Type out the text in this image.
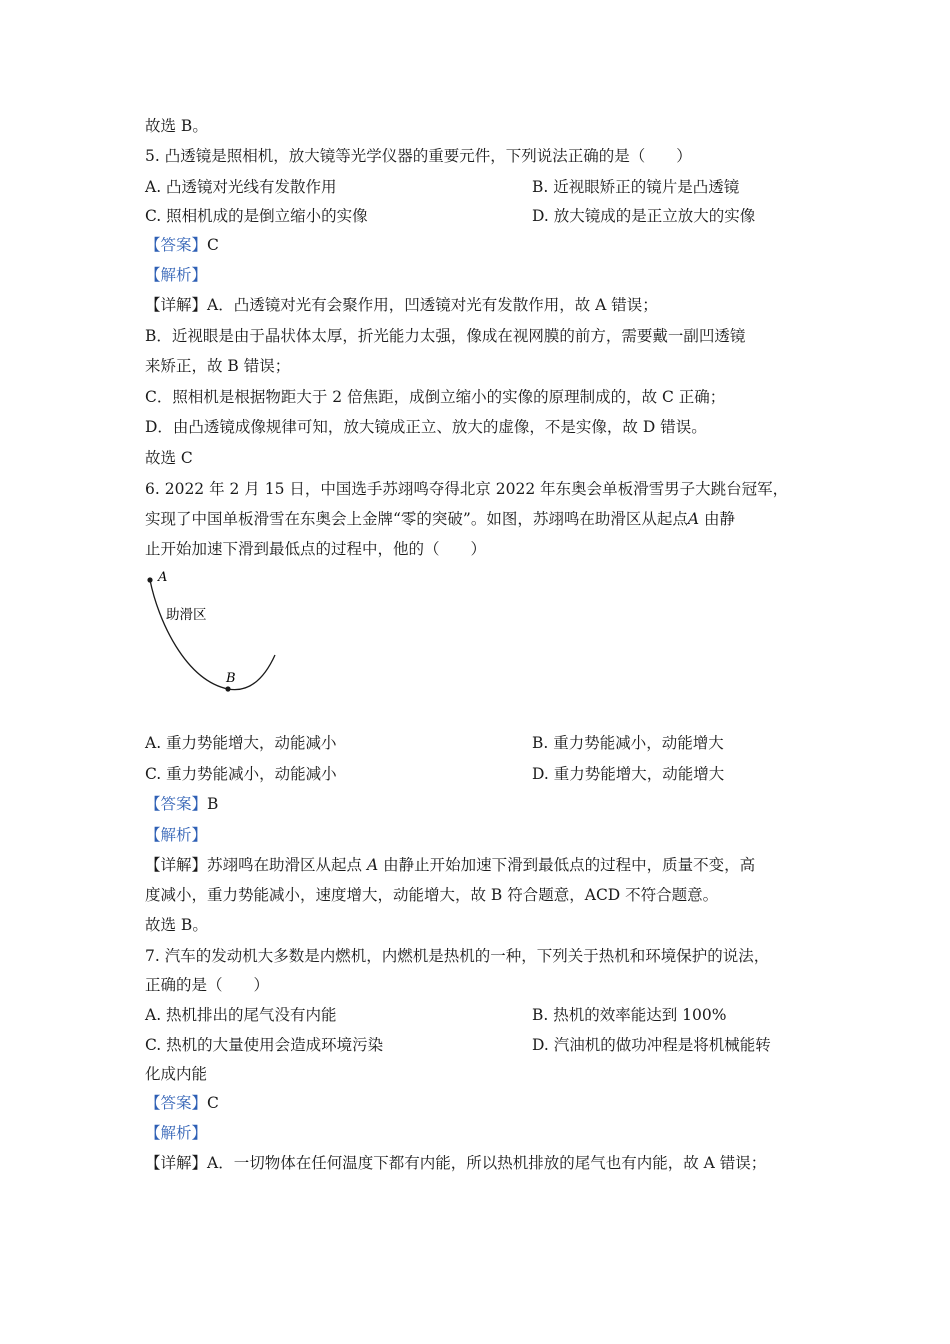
故选 B。
5. 凸透镜是照相机，放大镜等光学仪器的重要元件，下列说法正确的是（　　）
A. 凸透镜对光线有发散作用	B. 近视眼矫正的镜片是凸透镜
C. 照相机成的是倒立缩小的实像	D. 放大镜成的是正立放大的实像
【答案】C
【解析】
【详解】A．凸透镜对光有会聚作用，凹透镜对光有发散作用，故 A 错误；
B．近视眼是由于晶状体太厚，折光能力太强，像成在视网膜的前方，需要戴一副凹透镜
来矫正，故 B 错误；
C．照相机是根据物距大于 2 倍焦距，成倒立缩小的实像的原理制成的，故 C 正确；
D．由凸透镜成像规律可知，放大镜成正立、放大的虚像，不是实像，故 D 错误。
故选 C
6. 2022 年 2 月 15 日，中国选手苏翊鸣夺得北京 2022 年东奥会单板滑雪男子大跳台冠军，
实现了中国单板滑雪在东奥会上金牌“零的突破”。如图，苏翊鸣在助滑区从起点A 由静
止开始加速下滑到最低点的过程中，他的（　　）
A
B
助滑区
A. 重力势能增大，动能减小	B. 重力势能减小，动能增大
C. 重力势能减小，动能减小	D. 重力势能增大，动能增大
【答案】B
【解析】
【详解】苏翊鸣在助滑区从起点 A 由静止开始加速下滑到最低点的过程中，质量不变，高
度减小，重力势能减小，速度增大，动能增大，故 B 符合题意，ACD 不符合题意。
故选 B。
7. 汽车的发动机大多数是内燃机，内燃机是热机的一种，下列关于热机和环境保护的说法，
正确的是（　　）
A. 热机排出的尾气没有内能	B. 热机的效率能达到 100%
C. 热机的大量使用会造成环境污染	D. 汽油机的做功冲程是将机械能转
化成内能
【答案】C
【解析】
【详解】A．一切物体在任何温度下都有内能，所以热机排放的尾气也有内能，故 A 错误；
